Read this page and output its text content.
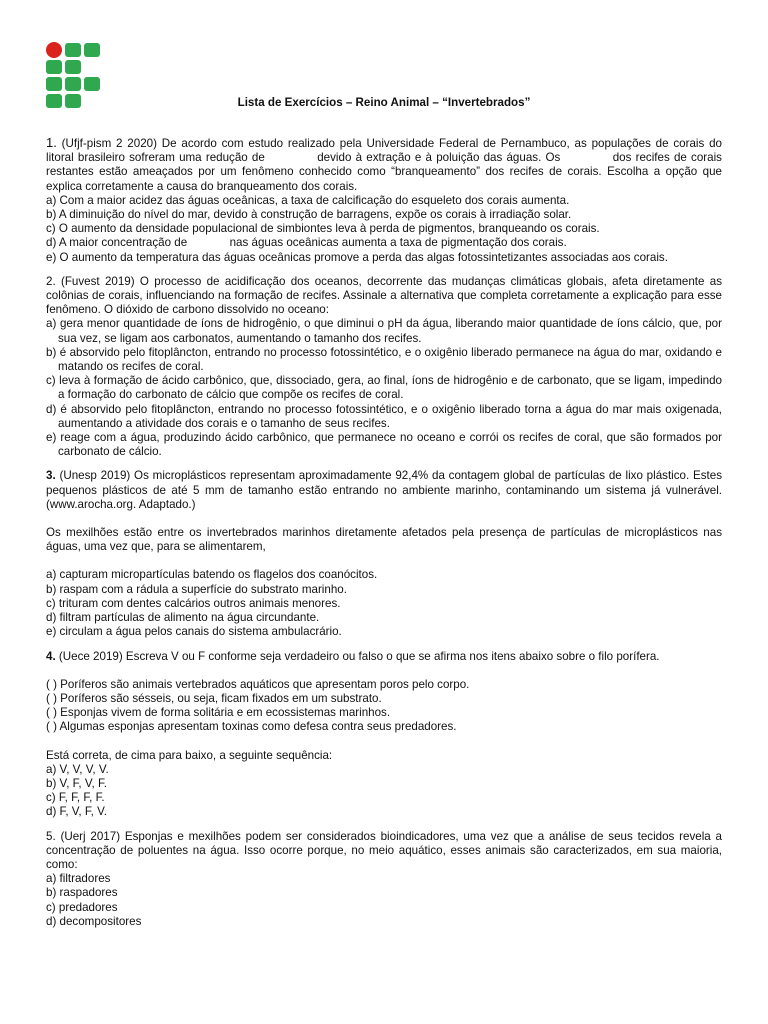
Lista de Exercícios – Reino Animal – “Invertebrados”

1. (Ufjf-pism 2 2020) De acordo com estudo realizado pela Universidade Federal de Pernambuco, as populações de corais do litoral brasileiro sofreram uma redução de	devido à extração e à poluição das águas. Os	dos recifes de corais restantes estão ameaçados por um fenômeno conhecido como “branqueamento” dos recifes de corais. Escolha a opção que explica corretamente a causa do branqueamento dos corais.

a) Com a maior acidez das águas oceânicas, a taxa de calcificação do esqueleto dos corais aumenta.

b) A diminuição do nível do mar, devido à construção de barragens, expõe os corais à irradiação solar.

c) O aumento da densidade populacional de simbiontes leva à perda de pigmentos, branqueando os corais.

d) A maior concentração de	nas águas oceânicas aumenta a taxa de pigmentação dos corais.

e) O aumento da temperatura das águas oceânicas promove a perda das algas fotossintetizantes associadas aos corais.

2. (Fuvest 2019) O processo de acidificação dos oceanos, decorrente das mudanças climáticas globais, afeta diretamente as colônias de corais, influenciando na formação de recifes. Assinale a alternativa que completa corretamente a explicação para esse fenômeno. O dióxido de carbono dissolvido no oceano:

a) gera menor quantidade de íons de hidrogênio, o que diminui o pH da água, liberando maior quantidade de íons cálcio, que, por sua vez, se ligam aos carbonatos, aumentando o tamanho dos recifes.

b) é absorvido pelo fitoplâncton, entrando no processo fotossintético, e o oxigênio liberado permanece na água do mar, oxidando e matando os recifes de coral.

c) leva à formação de ácido carbônico, que, dissociado, gera, ao final, íons de hidrogênio e de carbonato, que se ligam, impedindo a formação do carbonato de cálcio que compõe os recifes de coral.

d) é absorvido pelo fitoplâncton, entrando no processo fotossintético, e o oxigênio liberado torna a água do mar mais oxigenada, aumentando a atividade dos corais e o tamanho de seus recifes.

e) reage com a água, produzindo ácido carbônico, que permanece no oceano e corrói os recifes de coral, que são formados por carbonato de cálcio.

3. (Unesp 2019) Os microplásticos representam aproximadamente 92,4% da contagem global de partículas de lixo plástico. Estes pequenos plásticos de até 5 mm de tamanho estão entrando no ambiente marinho, contaminando um sistema já vulnerável. (www.arocha.org. Adaptado.)

Os mexilhões estão entre os invertebrados marinhos diretamente afetados pela presença de partículas de microplásticos nas águas, uma vez que, para se alimentarem,

a) capturam micropartículas batendo os flagelos dos coanócitos.

b) raspam com a rádula a superfície do substrato marinho.

c) trituram com dentes calcários outros animais menores.

d) filtram partículas de alimento na água circundante.

e) circulam a água pelos canais do sistema ambulacrário.

4. (Uece 2019) Escreva V ou F conforme seja verdadeiro ou falso o que se afirma nos itens abaixo sobre o filo porífera.

( ) Poríferos são animais vertebrados aquáticos que apresentam poros pelo corpo.

( ) Poríferos são sésseis, ou seja, ficam fixados em um substrato.

( ) Esponjas vivem de forma solitária e em ecossistemas marinhos.

( ) Algumas esponjas apresentam toxinas como defesa contra seus predadores.

Está correta, de cima para baixo, a seguinte sequência:

a) V, V, V, V.

b) V, F, V, F.

c) F, F, F, F.

d) F, V, F, V.

5. (Uerj 2017) Esponjas e mexilhões podem ser considerados bioindicadores, uma vez que a análise de seus tecidos revela a concentração de poluentes na água. Isso ocorre porque, no meio aquático, esses animais são caracterizados, em sua maioria, como:

a) filtradores

b) raspadores

c) predadores

d) decompositores
